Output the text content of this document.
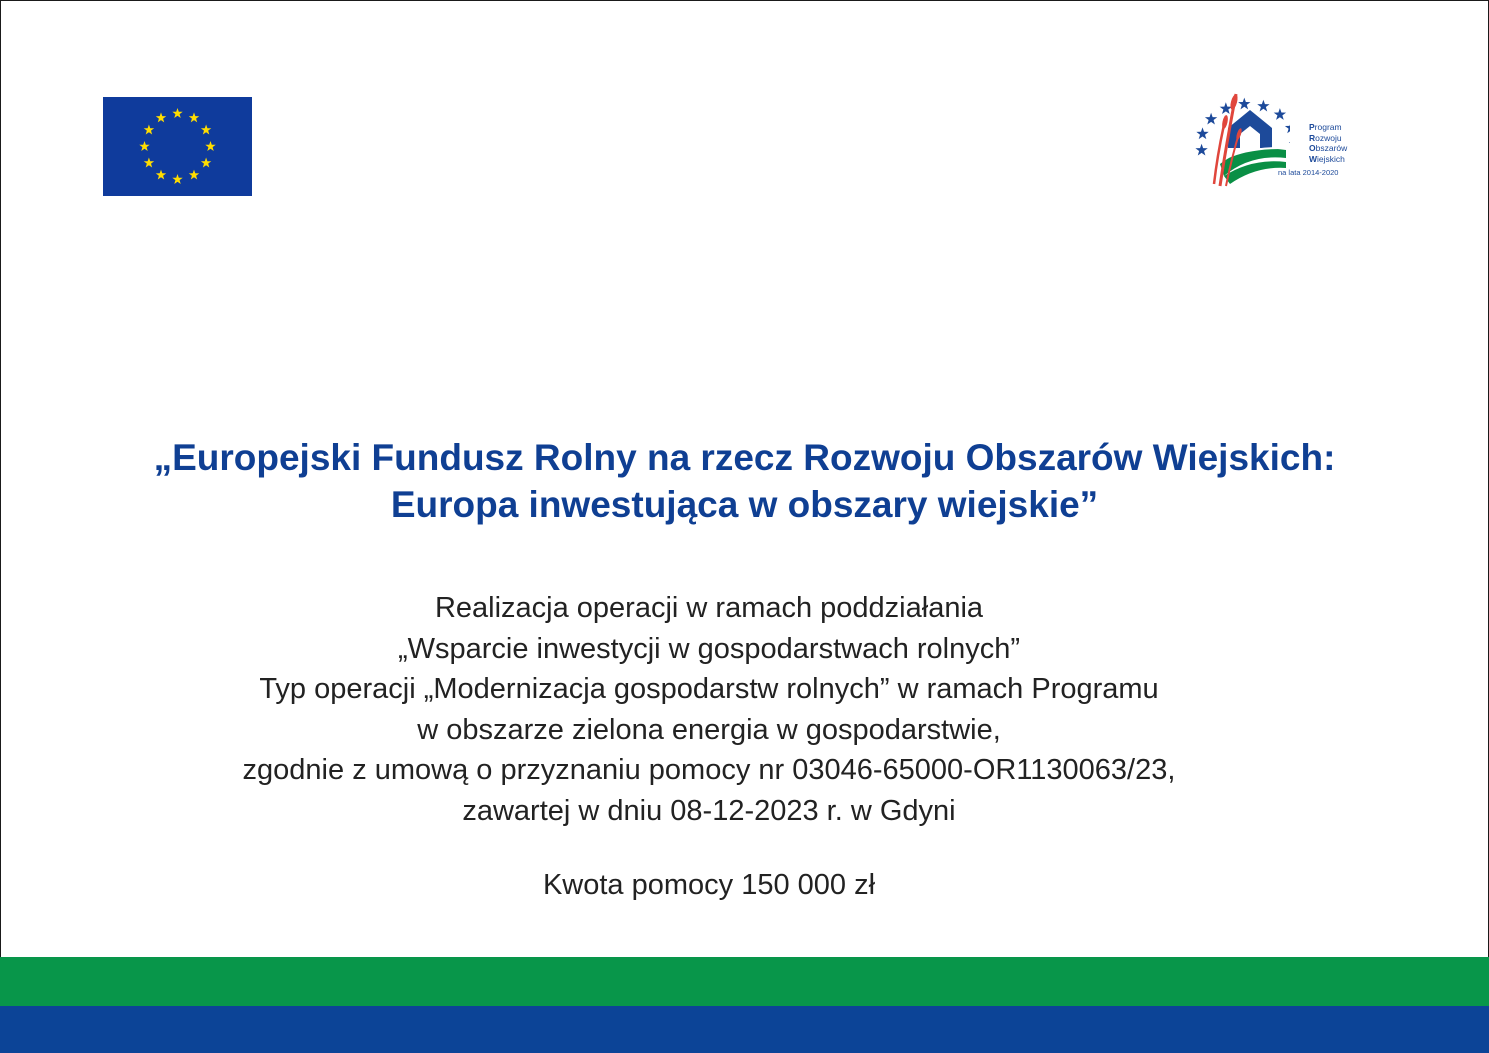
Program
Rozwoju
Obszarów
Wiejskich
na lata 2014-2020
„Europejski Fundusz Rolny na rzecz Rozwoju Obszarów Wiejskich:
Europa inwestująca w obszary wiejskie”
Realizacja operacji w ramach poddziałania
„Wsparcie inwestycji w gospodarstwach rolnych”
Typ operacji „Modernizacja gospodarstw rolnych” w ramach Programu
w obszarze zielona energia w gospodarstwie,
zgodnie z umową o przyznaniu pomocy nr 03046-65000-OR1130063/23,
zawartej w dniu 08-12-2023 r. w Gdyni
Kwota pomocy 150 000 zł
